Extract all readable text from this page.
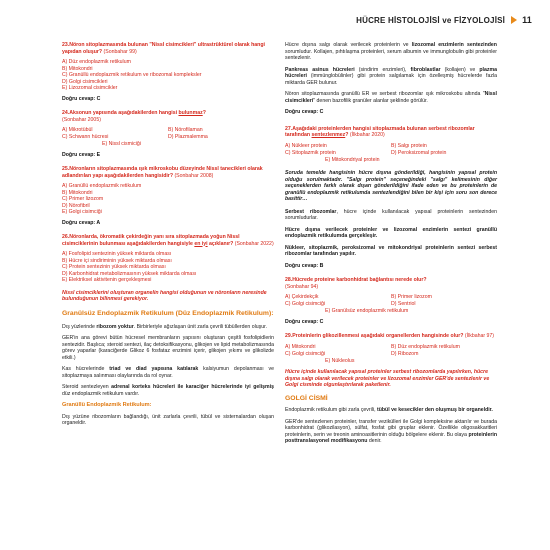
HÜCRE HİSTOLOJİSİ ve FİZYOLOJİSİ 11
23.Nöron sitoplazmasında bulunan "Nissl cisimcikleri" ultrastrüktürel olarak hangi yapıdan oluşur? (Sonbahar 99)
A) Düz endoplazmik retikulum
B) Mitokondri
C) Granüllü endoplazmik retikulum ve ribozomal kompleksler
D) Golgi cisimcikleri
E) Lizozomal cisimcikler
Doğru cevap: C
24.Aksonun yapısında aşağıdakilerden hangisi bulunmaz?
(Sonbahar 2005)
A) Mikrotübül	B) Nörofilaman
C) Schwann hücresi	D) Plazmalemma
E) Nissl cismiciği
Doğru cevap: E
25.Nöronların sitoplazmasında ışık mikroskobu düzeyinde Nissl tanecikleri olarak adlandırılan yapı aşağıdakilerden hangisidir? (Sonbahar 2008)
A) Granüllü endoplazmik retikulum
B) Mitokondri
C) Primer lizozom
D) Nörofibril
E) Golgi cisimciği
Doğru cevap: A
26.Nöronlarda, ökromatik çekirdeğin yanı sıra sitoplazmada yoğun Nissl cisimciklerinin bulunması aşağıdakilerden hangisiyle en iyi açıklanır? (Sonbahar 2022)
A) Fosfolipid sentezinin yüksek miktarda olması
B) Hücre içi sindiriminin yüksek miktarda olması
C) Protein sentezinin yüksek miktarda olması
D) Karbonhidrat metabolizmasının yüksek miktarda olması
E) Elektriksel aktivitenin gerçekleşmesi
Nissl cisimciklerini oluşturan organelin hangisi olduğunun ve nöronların neresinde bulunduğunun bilinmesi gerekiyor.
Granülsüz Endoplazmik Retikulum (Düz Endoplazmik Retikulum):
Dış yüzlerinde ribozom yoktur. Birbirleriyle ağızlaşan ünit zarla çevrili tübüllerden oluşur.
GER'in ana görevi bütün hücresel membranların yapısını oluşturan çeşitli fosfolipidlerin sentezidir. Başlıca; steroid sentezi, ilaç detoksifikasyonu, glikojen ve lipid metabolizmasında görev yaparlar (karaciğerde Glikoz 6 fosfataz enzimini içerir, glikojen yıkımı ve glikolizde etkili.)
Kas hücrelerinde triad ve diad yapısına katılarak kalsiyumun depolanması ve sitoplazmaya salınması olaylarında da rol oynar.
Steroid sentezleyen adrenal korteks hücreleri ile karaciğer hücrelerinde iyi gelişmiş düz endoplazmik retikulum vardır.
Granüllü Endoplazmik Retikulum:
Dış yüzüne ribozomların bağlandığı, ünit zarlarla çevrili, tübül ve sisternalardan oluşan organeldir.
Hücre dışına salgı olarak verilecek proteinlerin ve lizozomal enzimlerin sentezinden sorumludur. Kollajen, pıhtılaşma proteinleri, serum albumin ve immunglobulin gibi proteinler sentezlenir.
Pankreas asinus hücreleri (sindirim enzimleri), fibroblastlar (kollajen) ve plazma hücreleri (immünglobülinler) gibi protein salgılamak için özelleşmiş hücrelerde fazla miktarda GER bulunur.
Nöron sitoplazmasında granüllü ER ve serbest ribozomlar ışık mikroskobu altında "Nissl cisimcikleri" denen bazofilik granüler alanlar şeklinde görülür.
Doğru cevap: C
27.Aşağıdaki proteinlerden hangisi sitoplazmada bulunan serbest ribozomlar tarafından sentezlenmez? (İlkbahar 2020)
A) Nükleer protein	B) Salgı protein
C) Sitoplazmik protein	D) Peroksizomal protein
E) Mitokondriyal protein
Soruda temelde hangisinin hücre dışına gönderildiği, hangisinin yapısal protein olduğu sorulmaktadır. "Salgı protein" seçeneğindeki "salgı" kelimesinin diğer seçeneklerden farklı olarak dışarı gönderildiğini ifade eden ve bu proteinlerin de granüllü endoplazmik retikulumda sentezlendiğini bilen bir kişi için soru son derece basittir…
Serbest ribozomlar, hücre içinde kullanılacak yapısal proteinlerin sentezinden sorumludurlar.
Hücre dışına verilecek proteinler ve lizozomal enzimlerin sentezi granüllü endoplazmik retikulumda gerçekleşir.
Nükleer, sitoplazmik, peroksizomal ve mitokondriyal proteinlerin sentezi serbest ribozomlar tarafından yapılır.
Doğru cevap: B
28.Hücrede proteine karbonhidrat bağlantısı nerede olur?
(Sonbahar 94)
A) Çekirdekçik	B) Primer lizozom
C) Golgi cisimciği	D) Sentriol
E) Granülsüz endoplazmik retikulum
Doğru cevap: C
29.Proteinlerin glikozillenmesi aşağıdaki organellerden hangisinde olur? (İlkbahar 97)
A) Mitokondri	B) Düz endoplazmik retikulum
C) Golgi cisimciği	D) Ribozom
E) Nükleolus
Hücre içinde kullanılacak yapısal proteinler serbest ribozomlarda yapılırken, hücre dışına salgı olarak verilecek proteinler ve lizozomal enzimler GER'de sentezlenir ve Golgi cisminde olgunlaştırılarak paketlenir.
GOLGİ CİSMİ
Endoplazmik retikulum gibi zarla çevrili, tübül ve kesecikler den oluşmuş bir organeldir.
GER'de sentezlenen proteinler, transfer vezikülleri ile Golgi kompleksine aktarılır ve burada karbonhidrat (glikozilasyon), sülfat, fosfat gibi gruplar eklenir. Özellikle oligosakkaritleri proteinlerin, serin ve treonin aminoasitlerinin olduğu bölgelere eklenir. Bu olaya proteinlerin posttranslasyonel modifikasyonu denir.
